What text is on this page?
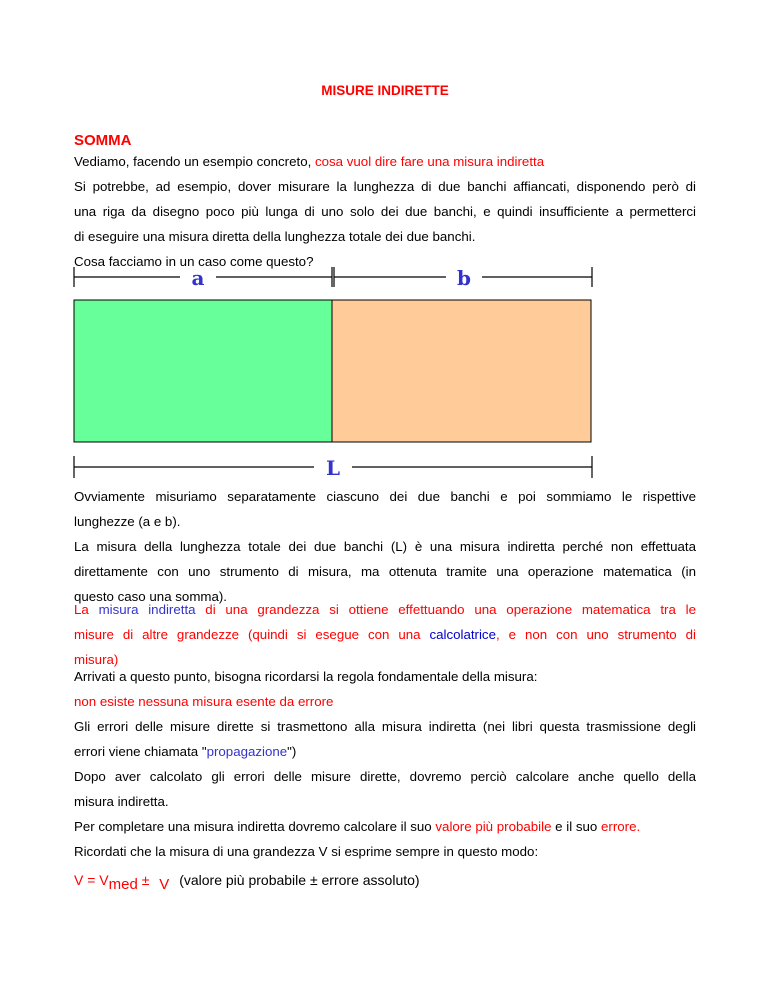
MISURE INDIRETTE
SOMMA
Vediamo, facendo un esempio concreto, cosa vuol dire fare una misura indiretta
Si potrebbe, ad esempio, dover misurare la lunghezza di due banchi affiancati, disponendo però di
una riga da disegno poco più lunga di uno solo dei due banchi, e quindi insufficiente a permetterci
di eseguire una misura diretta della lunghezza totale dei due banchi.
Cosa facciamo in un caso come questo?
a	b
L
Ovviamente misuriamo separatamente ciascuno dei due banchi e poi sommiamo le rispettive
lunghezze (a e b).
La misura della lunghezza totale dei due banchi (L) è una misura indiretta perché non effettuata
direttamente con uno strumento di misura, ma ottenuta tramite una operazione matematica (in
questo caso una somma).
La misura indiretta di una grandezza si ottiene effettuando una operazione matematica tra le
misure di altre grandezze (quindi si esegue con una calcolatrice, e non con uno strumento di
misura)
Arrivati a questo punto, bisogna ricordarsi la regola fondamentale della misura:
non esiste nessuna misura esente da errore
Gli errori delle misure dirette si trasmettono alla misura indiretta (nei libri questa trasmissione degli
errori viene chiamata "propagazione")
Dopo aver calcolato gli errori delle misure dirette, dovremo perciò calcolare anche quello della
misura indiretta.
Per completare una misura indiretta dovremo calcolare il suo valore più probabile e il suo errore.
Ricordati che la misura di una grandezza V si esprime sempre in questo modo:
V = Vmed ± V (valore più probabile ± errore assoluto)
